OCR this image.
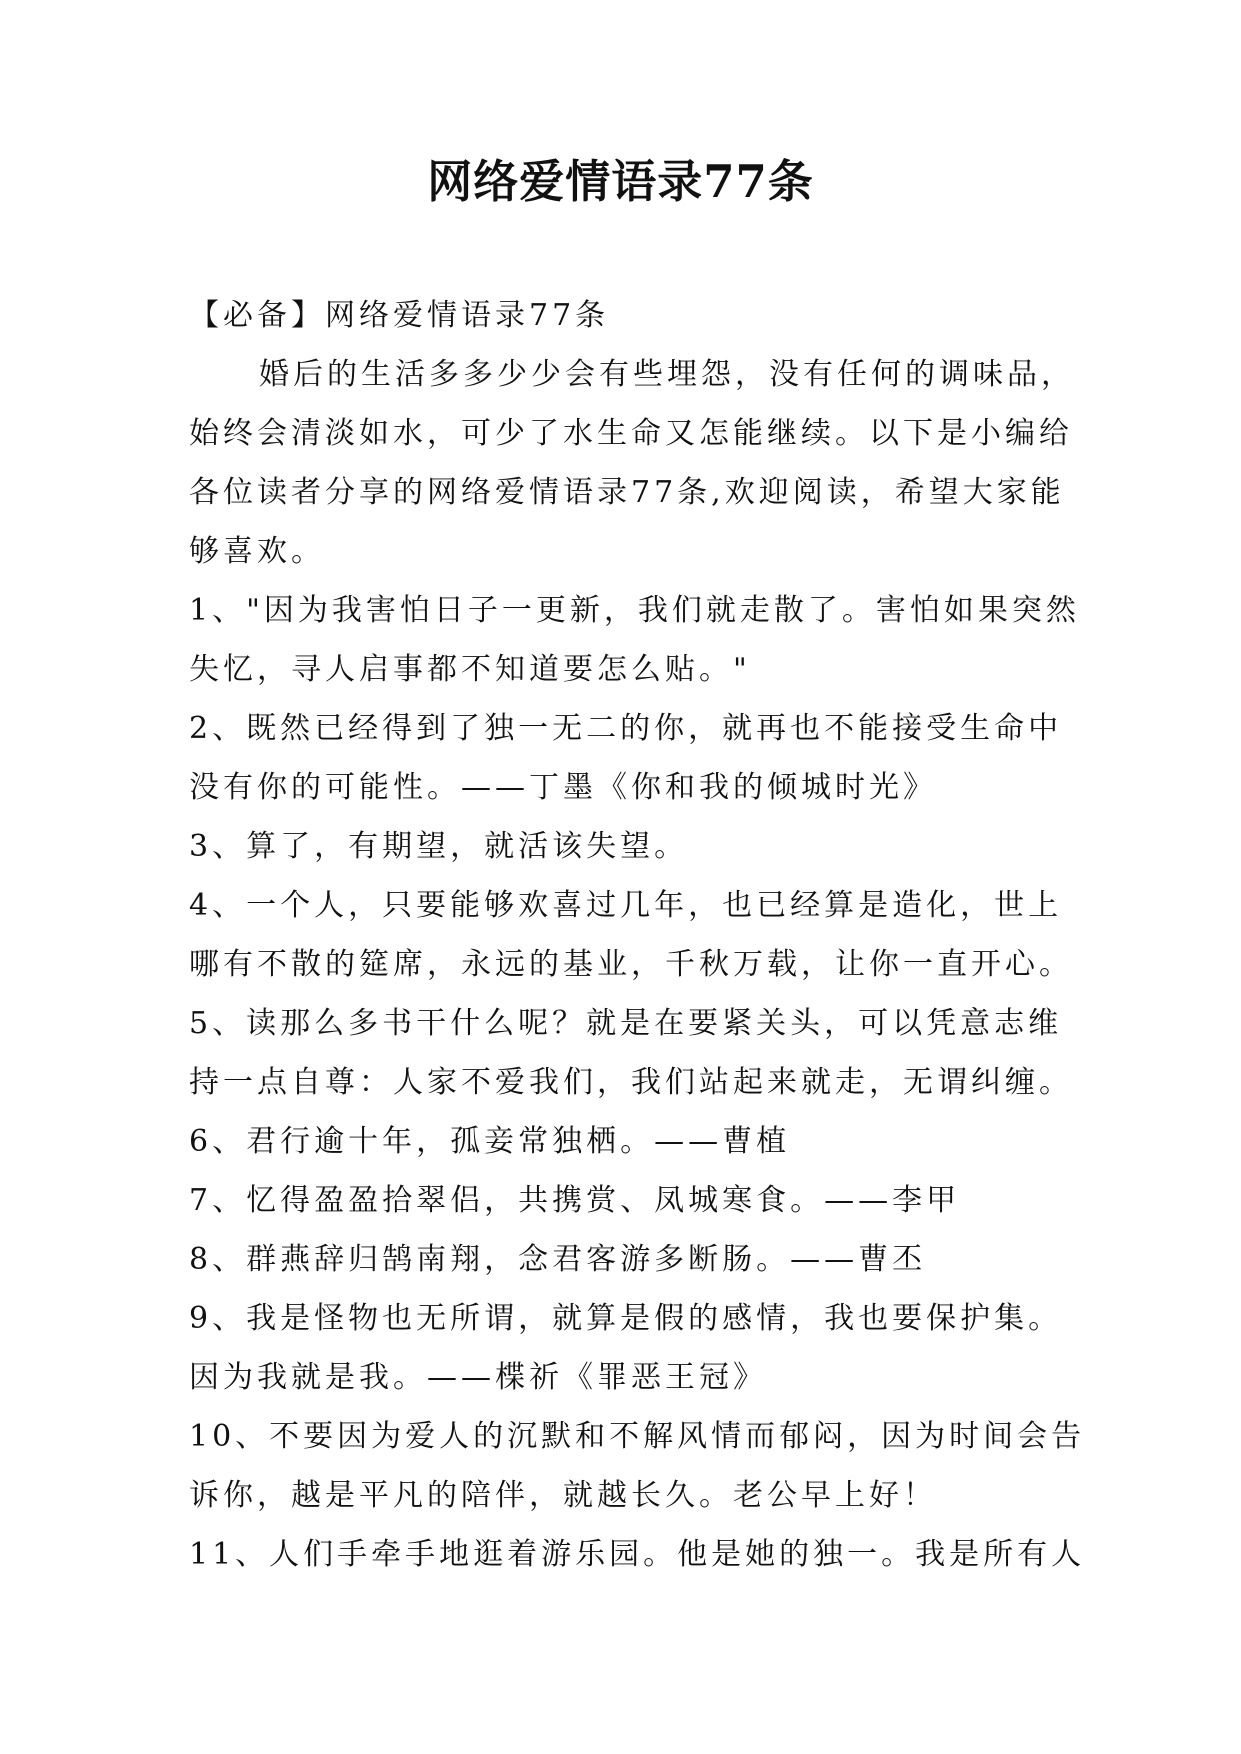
网络爱情语录77条
【必备】网络爱情语录77条
婚后的生活多多少少会有些埋怨，没有任何的调味品，
始终会清淡如水，可少了水生命又怎能继续。以下是小编给
各位读者分享的网络爱情语录77条,欢迎阅读，希望大家能
够喜欢。
1、"因为我害怕日子一更新，我们就走散了。害怕如果突然
失忆，寻人启事都不知道要怎么贴。"
2、既然已经得到了独一无二的你，就再也不能接受生命中
没有你的可能性。——丁墨《你和我的倾城时光》
3、算了，有期望，就活该失望。
4、一个人，只要能够欢喜过几年，也已经算是造化，世上
哪有不散的筵席，永远的基业，千秋万载，让你一直开心。
5、读那么多书干什么呢？就是在要紧关头，可以凭意志维
持一点自尊：人家不爱我们，我们站起来就走，无谓纠缠。
6、君行逾十年，孤妾常独栖。——曹植
7、忆得盈盈拾翠侣，共携赏、凤城寒食。——李甲
8、群燕辞归鹄南翔，念君客游多断肠。——曹丕
9、我是怪物也无所谓，就算是假的感情，我也要保护集。
因为我就是我。——楪祈《罪恶王冠》
10、不要因为爱人的沉默和不解风情而郁闷，因为时间会告
诉你，越是平凡的陪伴，就越长久。老公早上好！
11、人们手牵手地逛着游乐园。他是她的独一。我是所有人
